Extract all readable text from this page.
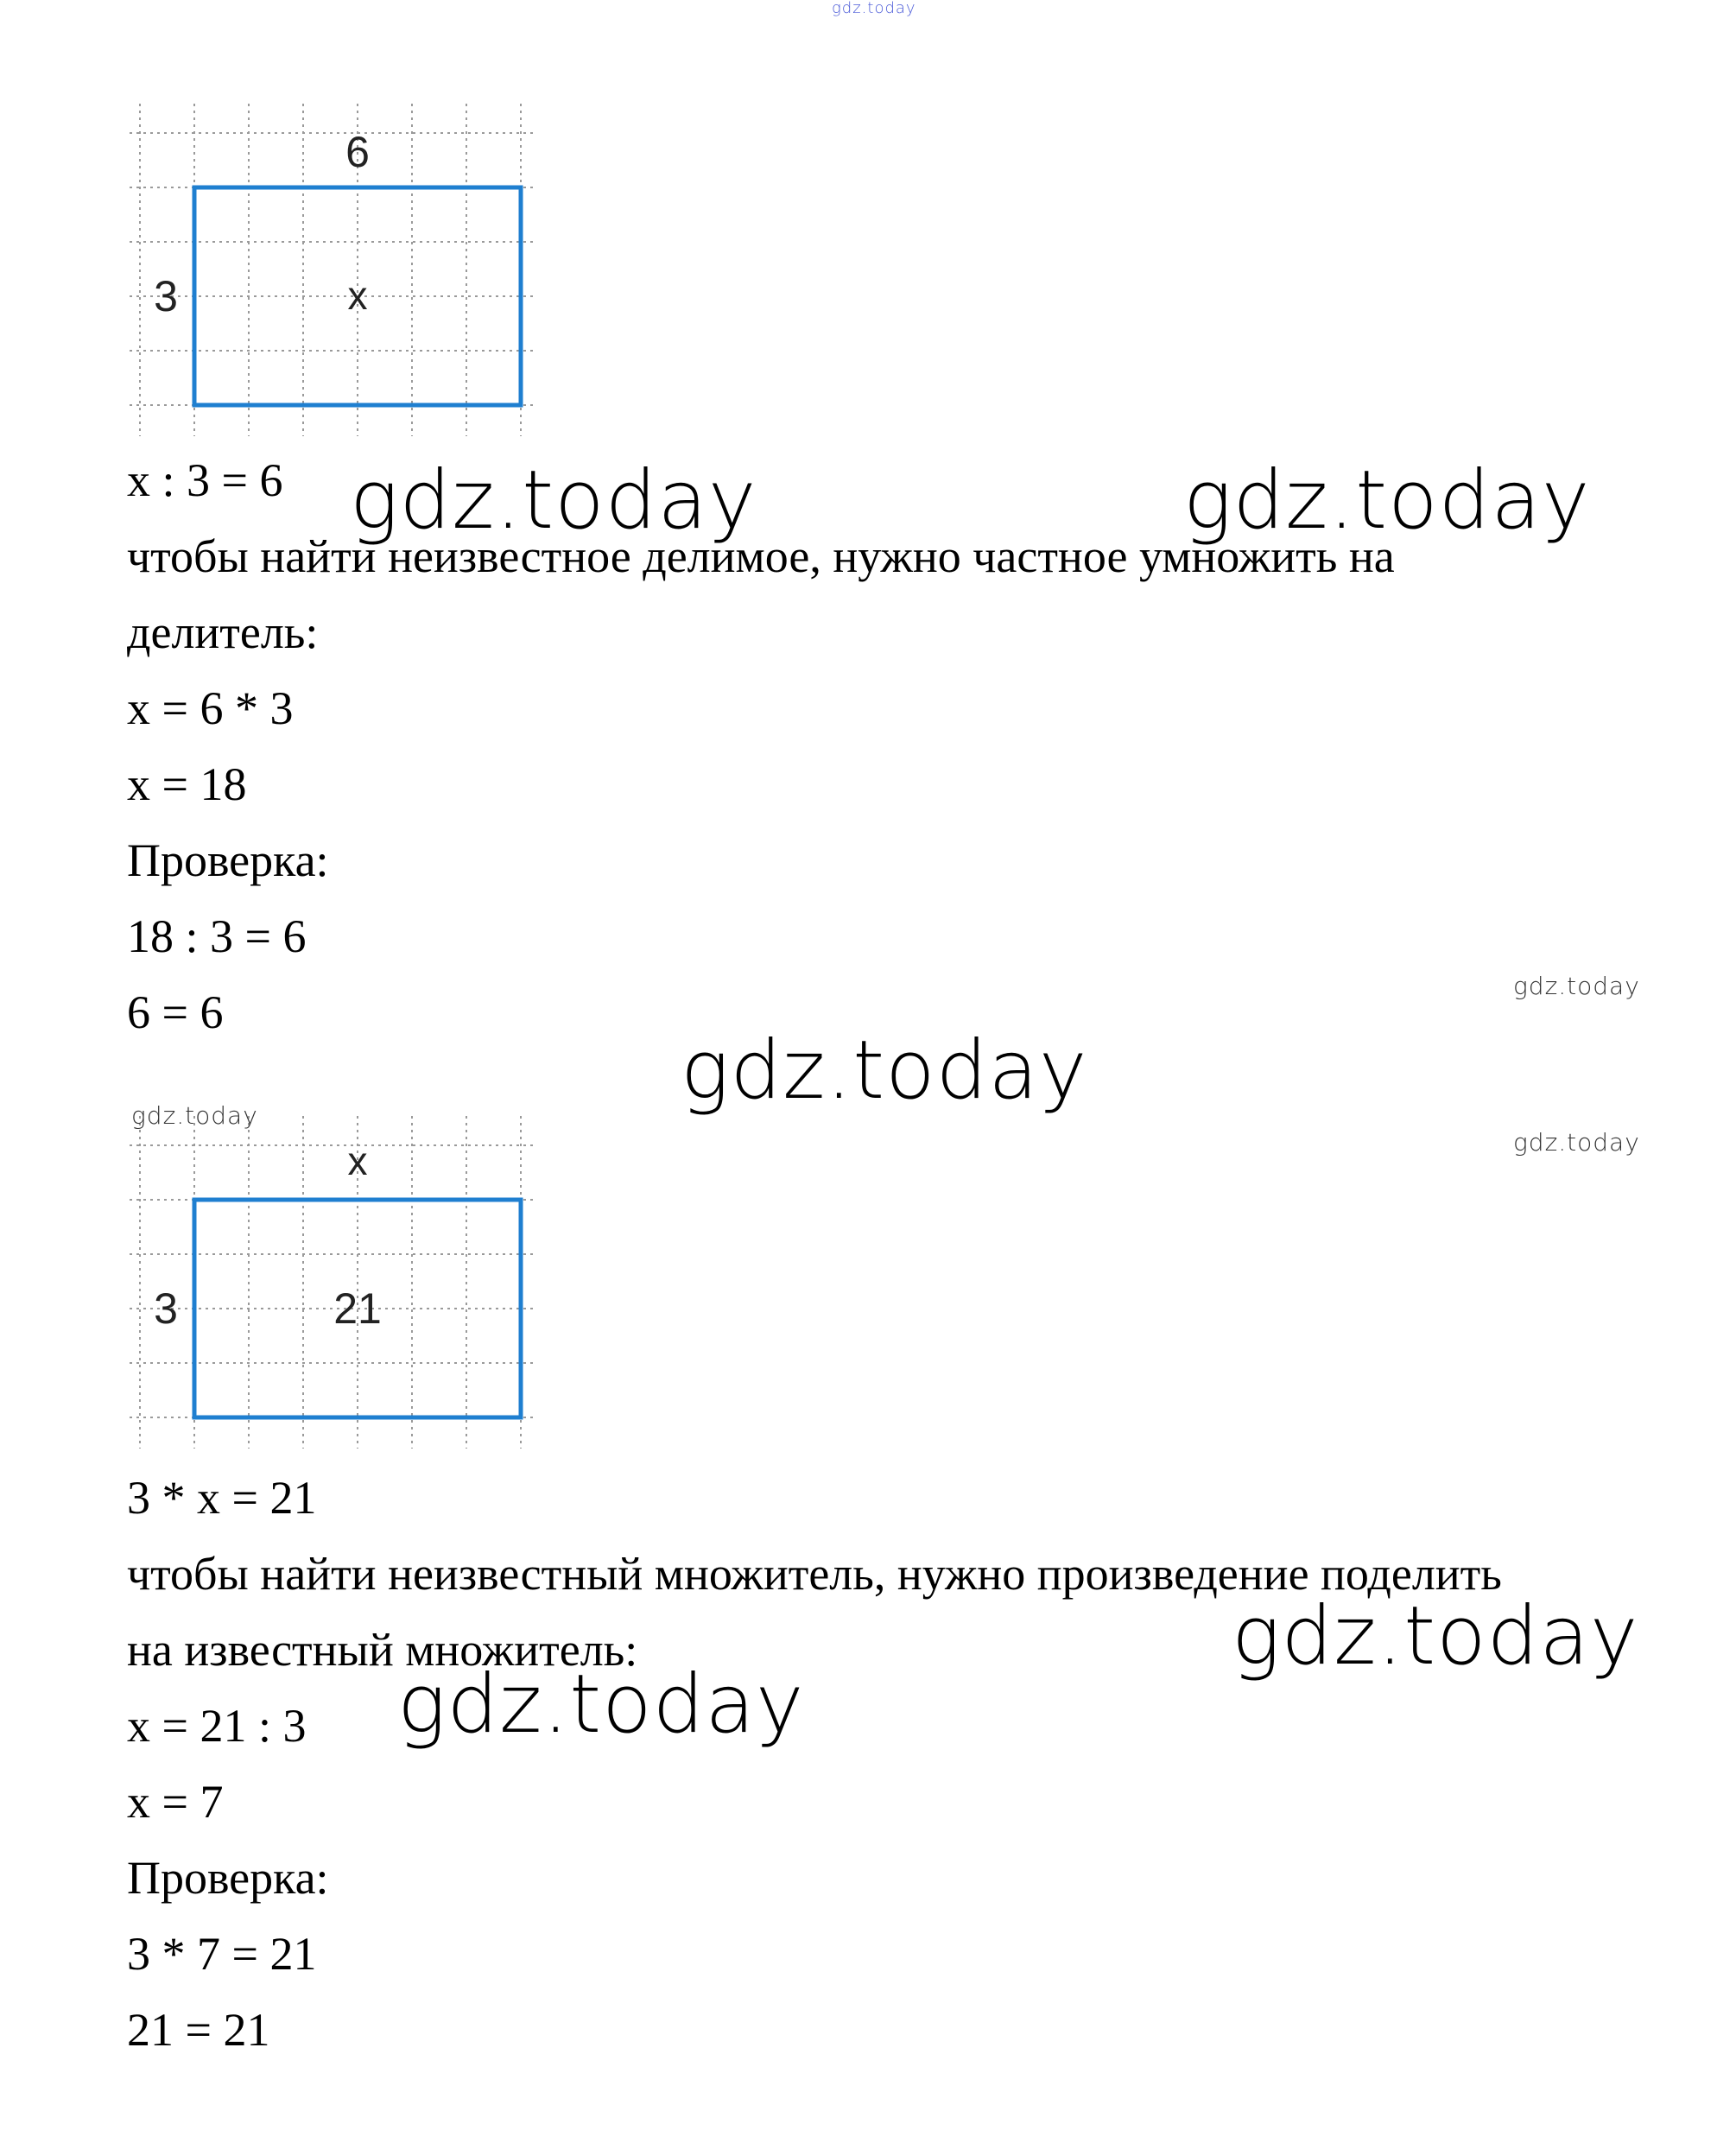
gdz.today
6
3	x

x : 3 = 6

чтобы найти неизвестное делимое, нужно частное умножить на

делитель:

x = 6 * 3

x = 18

Проверка:

18 : 3 = 6

6 = 6

x
3	21

3 * x = 21

чтобы найти неизвестный множитель, нужно произведение поделить

на известный множитель:

x = 21 : 3

x = 7

Проверка:

3 * 7 = 21

21 = 21

gdz.today	gdz.today
gdz.today
gdz.today
gdz.today
gdz.today
gdz.today
gdz.today
